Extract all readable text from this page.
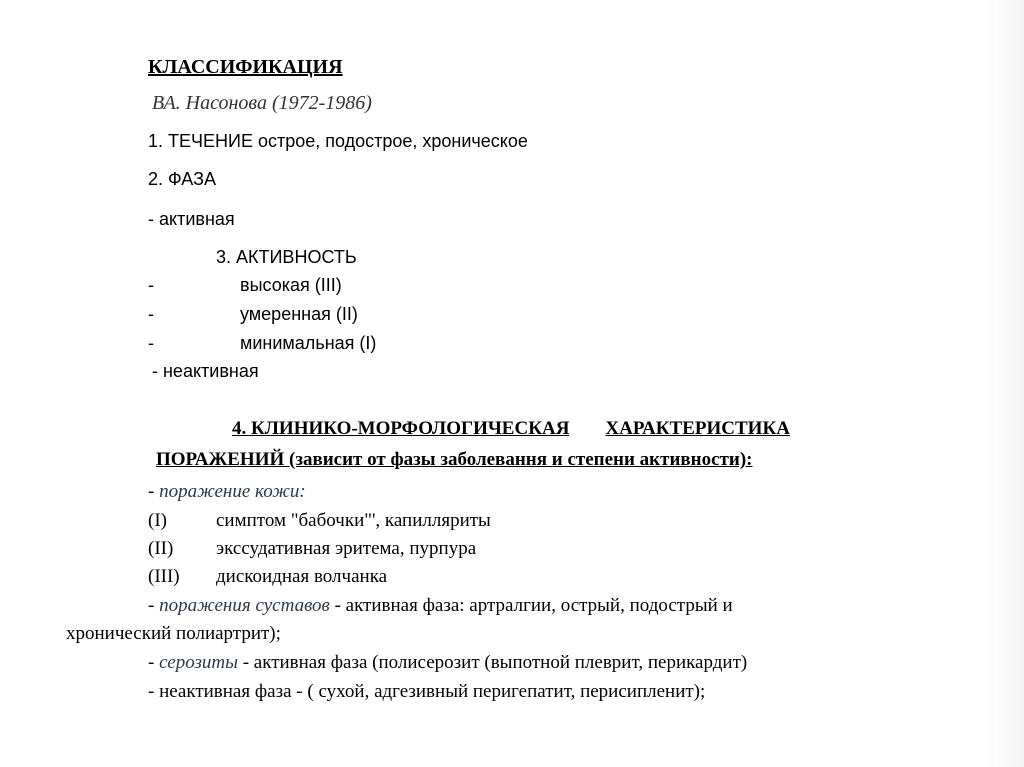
КЛАССИФИКАЦИЯ
ВА. Насонова (1972-1986)
1. ТЕЧЕНИЕ острое, подострое, хроническое
2. ФАЗА
- активная
3. АКТИВНОСТЬ
-	высокая (III)
-	умеренная (II)
-	минимальная (I)
- неактивная
4. КЛИНИКО-МОРФОЛОГИЧЕСКАЯ ХАРАКТЕРИСТИКА
ПОРАЖЕНИЙ (зависит от фазы заболевання и степени активности):
- поражение кожи:
(I)	симптом "бабочки"', капилляриты
(II) экссудативная эритема, пурпура
(III) дискоидная волчанка
- поражения суставов - активная фаза: артралгии, острый, подострый и
хронический полиартрит);
- серозиты - активная фаза (полисерозит (выпотной плеврит, перикардит)
- неактивная фаза - ( сухой, адгезивный перигепатит, перисипленит);
